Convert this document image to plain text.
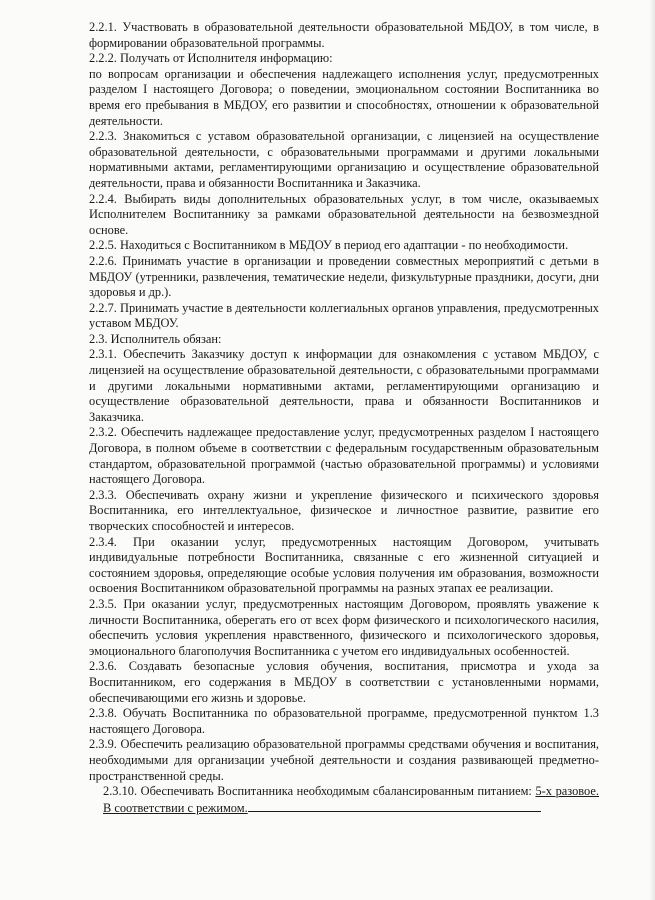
2.2.1. Участвовать в образовательной деятельности образовательной МБДОУ, в том числе, в формировании образовательной программы.

2.2.2. Получать от Исполнителя информацию:

по вопросам организации и обеспечения надлежащего исполнения услуг, предусмотренных разделом I настоящего Договора; о поведении, эмоциональном состоянии Воспитанника во время его пребывания в МБДОУ, его развитии и способностях, отношении к образовательной деятельности.

2.2.3. Знакомиться с уставом образовательной организации, с лицензией на осуществление образовательной деятельности, с образовательными программами и другими локальными нормативными актами, регламентирующими организацию и осуществление образовательной деятельности, права и обязанности Воспитанника и Заказчика.

2.2.4. Выбирать виды дополнительных образовательных услуг, в том числе, оказываемых Исполнителем Воспитаннику за рамками образовательной деятельности на безвозмездной основе.

2.2.5. Находиться с Воспитанником в МБДОУ в период его адаптации - по необходимости.

2.2.6. Принимать участие в организации и проведении совместных мероприятий с детьми в МБДОУ (утренники, развлечения, тематические недели, физкультурные праздники, досуги, дни здоровья и др.).

2.2.7. Принимать участие в деятельности коллегиальных органов управления, предусмотренных уставом МБДОУ.

2.3. Исполнитель обязан:

2.3.1. Обеспечить Заказчику доступ к информации для ознакомления с уставом МБДОУ, с лицензией на осуществление образовательной деятельности, с образовательными программами и другими локальными нормативными актами, регламентирующими организацию и осуществление образовательной деятельности, права и обязанности Воспитанников и Заказчика.

2.3.2. Обеспечить надлежащее предоставление услуг, предусмотренных разделом I настоящего Договора, в полном объеме в соответствии с федеральным государственным образовательным стандартом, образовательной программой (частью образовательной программы) и условиями настоящего Договора.

2.3.3. Обеспечивать охрану жизни и укрепление физического и психического здоровья Воспитанника, его интеллектуальное, физическое и личностное развитие, развитие его творческих способностей и интересов.

2.3.4. При оказании услуг, предусмотренных настоящим Договором, учитывать индивидуальные потребности Воспитанника, связанные с его жизненной ситуацией и состоянием здоровья, определяющие особые условия получения им образования, возможности освоения Воспитанником образовательной программы на разных этапах ее реализации.

2.3.5. При оказании услуг, предусмотренных настоящим Договором, проявлять уважение к личности Воспитанника, оберегать его от всех форм физического и психологического насилия, обеспечить условия укрепления нравственного, физического и психологического здоровья, эмоционального благополучия Воспитанника с учетом его индивидуальных особенностей.

2.3.6. Создавать безопасные условия обучения, воспитания, присмотра и ухода за Воспитанником, его содержания в МБДОУ в соответствии с установленными нормами, обеспечивающими его жизнь и здоровье.

2.3.8. Обучать Воспитанника по образовательной программе, предусмотренной пунктом 1.3 настоящего Договора.

2.3.9. Обеспечить реализацию образовательной программы средствами обучения и воспитания, необходимыми для организации учебной деятельности и создания развивающей предметно-пространственной среды.

2.3.10. Обеспечивать Воспитанника необходимым сбалансированным питанием: 5-х разовое. В соответствии с режимом.
